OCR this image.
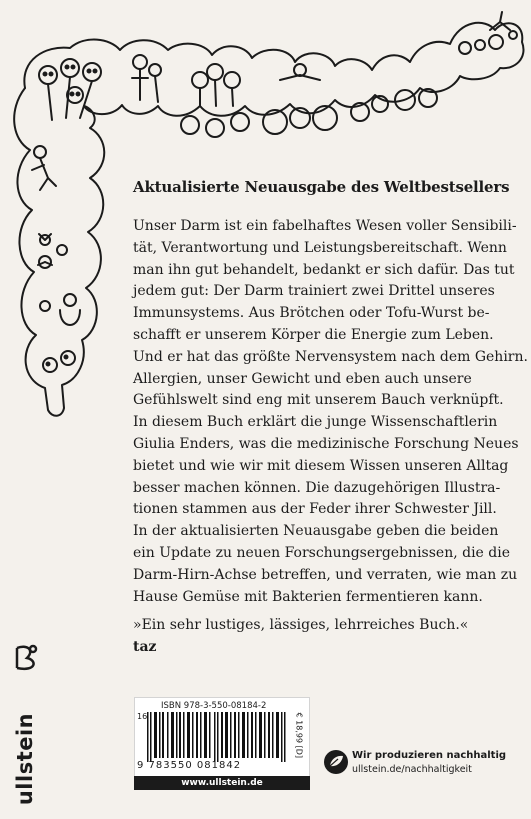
Aktualisierte Neuausgabe des Weltbestsellers
Unser Darm ist ein fabelhaftes Wesen voller Sensibili-
tät, Verantwortung und Leistungsbereitschaft. Wenn
man ihn gut behandelt, bedankt er sich dafür. Das tut
jedem gut: Der Darm trainiert zwei Drittel unseres
Immunsystems. Aus Brötchen oder Tofu-Wurst be-
schafft er unserem Körper die Energie zum Leben.
Und er hat das größte Nervensystem nach dem Gehirn.
Allergien, unser Gewicht und eben auch unsere
Gefühlswelt sind eng mit unserem Bauch verknüpft.
In diesem Buch erklärt die junge Wissenschaftlerin
Giulia Enders, was die medizinische Forschung Neues
bietet und wie wir mit diesem Wissen unseren Alltag
besser machen können. Die dazugehörigen Illustra-
tionen stammen aus der Feder ihrer Schwester Jill.
In der aktualisierten Neuausgabe geben die beiden
ein Update zu neuen Forschungsergebnissen, die die
Darm-Hirn-Achse betreffen, und verraten, wie man zu
Hause Gemüse mit Bakterien fermentieren kann.
»Ein sehr lustiges, lässiges, lehrreiches Buch.«
taz
ullstein
ISBN 978-3-550-08184-2
16	€ 18,99 [D]
9 783550 081842
www.ullstein.de
Wir produzieren nachhaltig
ullstein.de/nachhaltigkeit
